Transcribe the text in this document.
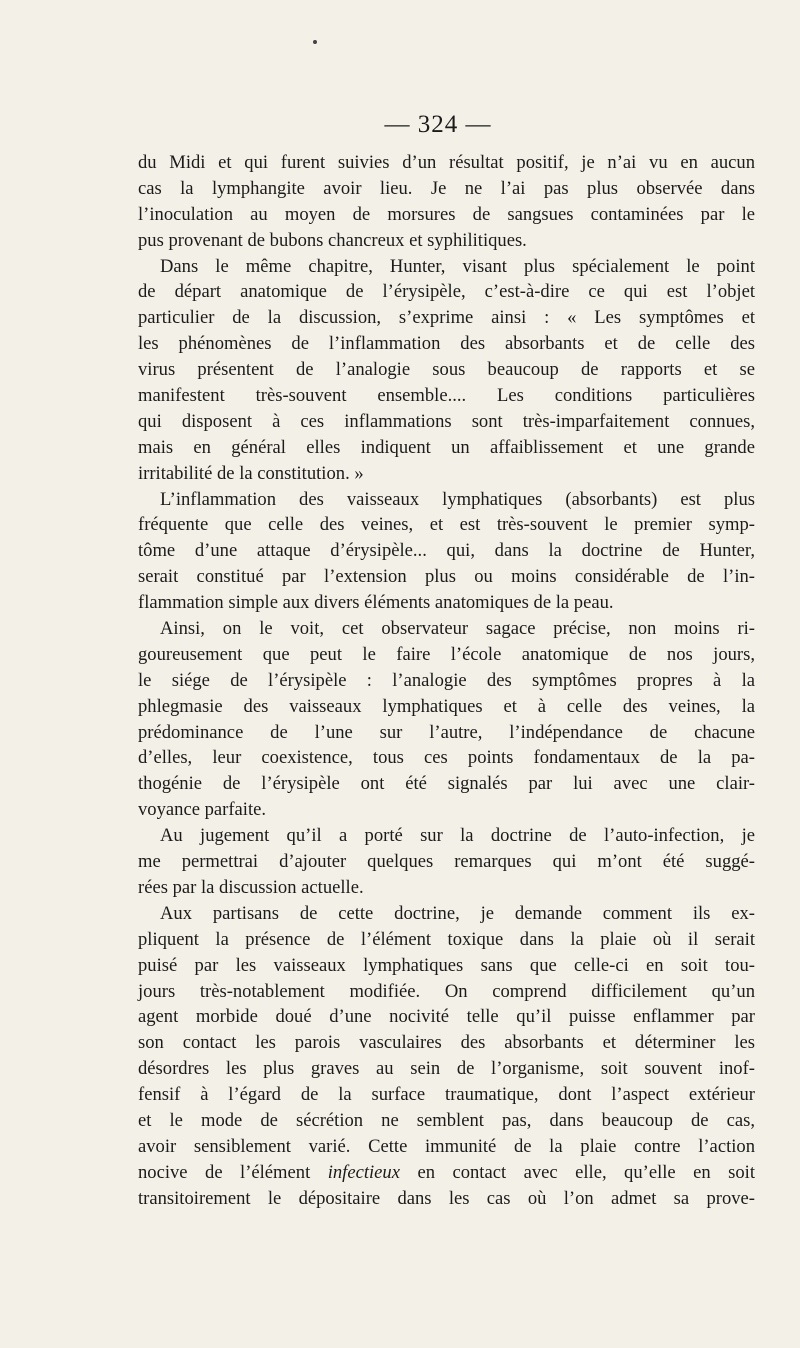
— 324 —
du Midi et qui furent suivies d’un résultat positif, je n’ai vu en aucun
cas la lymphangite avoir lieu. Je ne l’ai pas plus observée dans
l’inoculation au moyen de morsures de sangsues contaminées par le
pus provenant de bubons chancreux et syphilitiques.
Dans le même chapitre, Hunter, visant plus spécialement le point
de départ anatomique de l’érysipèle, c’est-à-dire ce qui est l’objet
particulier de la discussion, s’exprime ainsi : « Les symptômes et
les phénomènes de l’inflammation des absorbants et de celle des
virus présentent de l’analogie sous beaucoup de rapports et se
manifestent très-souvent ensemble.... Les conditions particulières
qui disposent à ces inflammations sont très-imparfaitement connues,
mais en général elles indiquent un affaiblissement et une grande
irritabilité de la constitution. »
L’inflammation des vaisseaux lymphatiques (absorbants) est plus
fréquente que celle des veines, et est très-souvent le premier symp-
tôme d’une attaque d’érysipèle... qui, dans la doctrine de Hunter,
serait constitué par l’extension plus ou moins considérable de l’in-
flammation simple aux divers éléments anatomiques de la peau.
Ainsi, on le voit, cet observateur sagace précise, non moins ri-
goureusement que peut le faire l’école anatomique de nos jours,
le siége de l’érysipèle : l’analogie des symptômes propres à la
phlegmasie des vaisseaux lymphatiques et à celle des veines, la
prédominance de l’une sur l’autre, l’indépendance de chacune
d’elles, leur coexistence, tous ces points fondamentaux de la pa-
thogénie de l’érysipèle ont été signalés par lui avec une clair-
voyance parfaite.
Au jugement qu’il a porté sur la doctrine de l’auto-infection, je
me permettrai d’ajouter quelques remarques qui m’ont été suggé-
rées par la discussion actuelle.
Aux partisans de cette doctrine, je demande comment ils ex-
pliquent la présence de l’élément toxique dans la plaie où il serait
puisé par les vaisseaux lymphatiques sans que celle-ci en soit tou-
jours très-notablement modifiée. On comprend difficilement qu’un
agent morbide doué d’une nocivité telle qu’il puisse enflammer par
son contact les parois vasculaires des absorbants et déterminer les
désordres les plus graves au sein de l’organisme, soit souvent inof-
fensif à l’égard de la surface traumatique, dont l’aspect extérieur
et le mode de sécrétion ne semblent pas, dans beaucoup de cas,
avoir sensiblement varié. Cette immunité de la plaie contre l’action
nocive de l’élément infectieux en contact avec elle, qu’elle en soit
transitoirement le dépositaire dans les cas où l’on admet sa prove-
